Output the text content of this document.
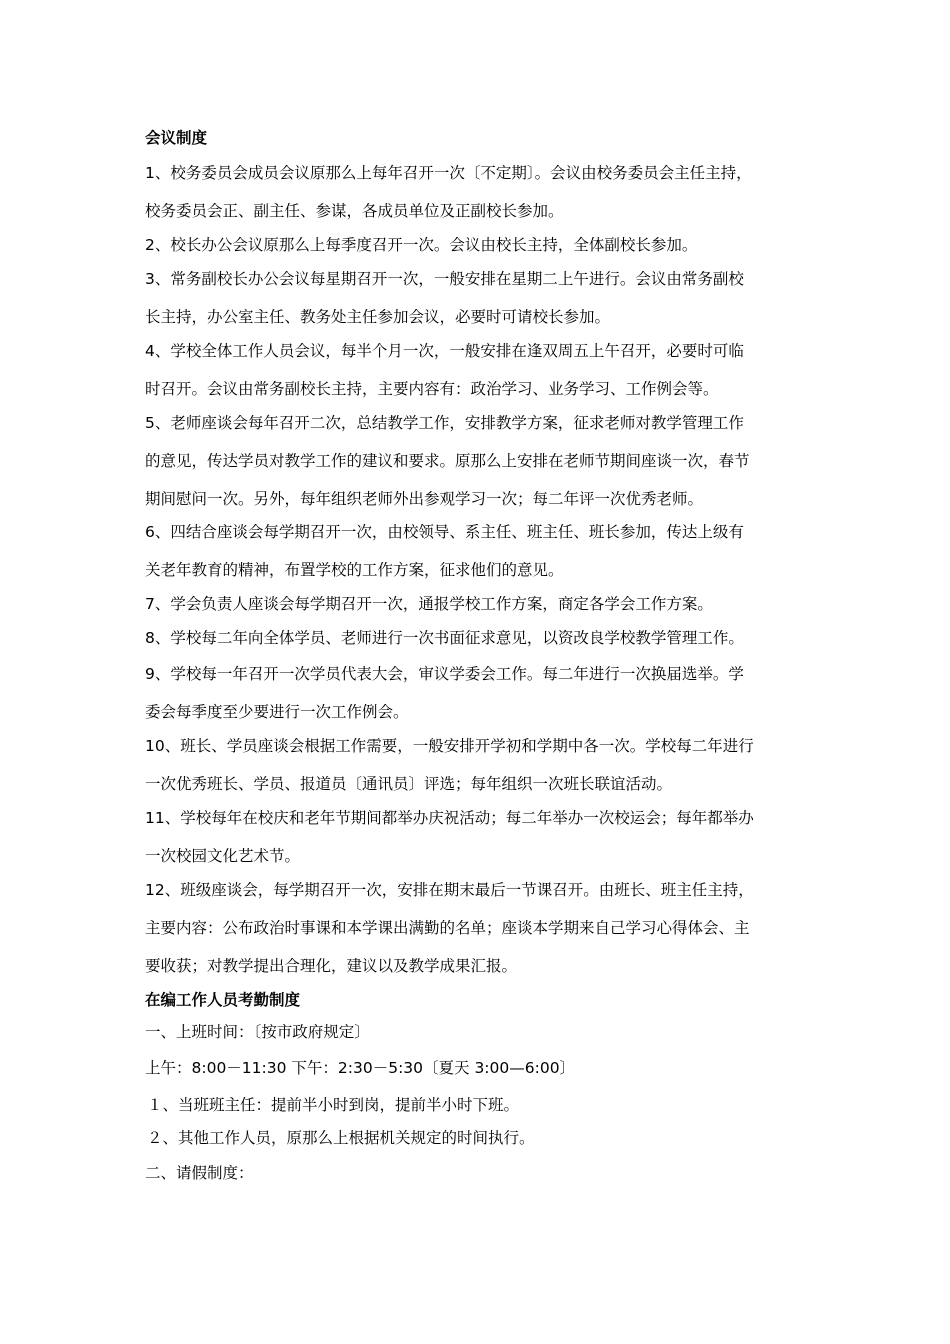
会议制度
1、校务委员会成员会议原那么上每年召开一次〔不定期〕。会议由校务委员会主任主持，
校务委员会正、副主任、参谋，各成员单位及正副校长参加。
2、校长办公会议原那么上每季度召开一次。会议由校长主持，全体副校长参加。
3、常务副校长办公会议每星期召开一次，一般安排在星期二上午进行。会议由常务副校
长主持，办公室主任、教务处主任参加会议，必要时可请校长参加。
4、学校全体工作人员会议，每半个月一次，一般安排在逢双周五上午召开，必要时可临
时召开。会议由常务副校长主持，主要内容有：政治学习、业务学习、工作例会等。
5、老师座谈会每年召开二次，总结教学工作，安排教学方案，征求老师对教学管理工作
的意见，传达学员对教学工作的建议和要求。原那么上安排在老师节期间座谈一次，春节
期间慰问一次。另外，每年组织老师外出参观学习一次；每二年评一次优秀老师。
6、四结合座谈会每学期召开一次，由校领导、系主任、班主任、班长参加，传达上级有
关老年教育的精神，布置学校的工作方案，征求他们的意见。
7、学会负责人座谈会每学期召开一次，通报学校工作方案，商定各学会工作方案。
8、学校每二年向全体学员、老师进行一次书面征求意见，以资改良学校教学管理工作。
9、学校每一年召开一次学员代表大会，审议学委会工作。每二年进行一次换届选举。学
委会每季度至少要进行一次工作例会。
10、班长、学员座谈会根据工作需要，一般安排开学初和学期中各一次。学校每二年进行
一次优秀班长、学员、报道员〔通讯员〕评选；每年组织一次班长联谊活动。
11、学校每年在校庆和老年节期间都举办庆祝活动；每二年举办一次校运会；每年都举办
一次校园文化艺术节。
12、班级座谈会，每学期召开一次，安排在期末最后一节课召开。由班长、班主任主持，
主要内容：公布政治时事课和本学课出满勤的名单；座谈本学期来自己学习心得体会、主
要收获；对教学提出合理化，建议以及教学成果汇报。
在编工作人员考勤制度
一、上班时间：〔按市政府规定〕
上午：8:00－11:30 下午：2:30－5:30〔夏天 3:00—6:00〕
１、当班班主任：提前半小时到岗，提前半小时下班。
２、其他工作人员，原那么上根据机关规定的时间执行。
二、请假制度：
